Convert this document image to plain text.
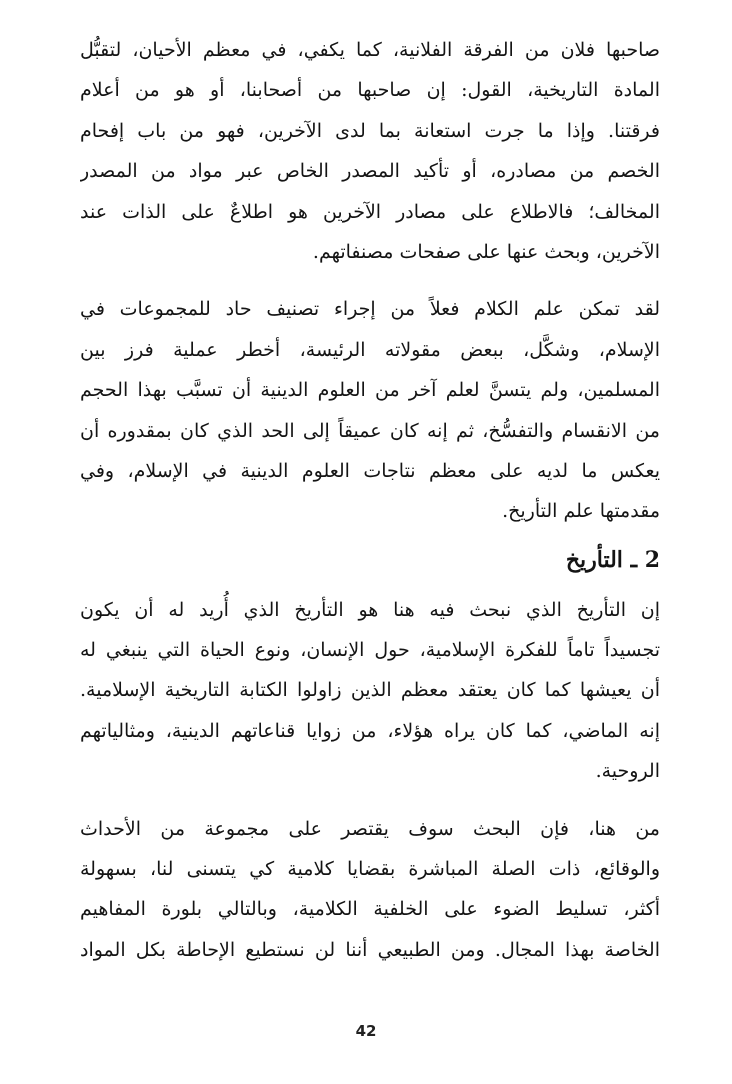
صاحبها فلان من الفرقة الفلانية، كما يكفي، في معظم الأحيان، لتقبُّل
المادة التاريخية، القول: إن صاحبها من أصحابنا، أو هو من أعلام
فرقتنا. وإذا ما جرت استعانة بما لدى الآخرين، فهو من باب إفحام
الخصم من مصادره، أو تأكيد المصدر الخاص عبر مواد من المصدر
المخالف؛ فالاطلاع على مصادر الآخرين هو اطلاعٌ على الذات عند
الآخرين، وبحث عنها على صفحات مصنفاتهم.
لقد تمكن علم الكلام فعلاً من إجراء تصنيف حاد للمجموعات في
الإسلام، وشكَّل، ببعض مقولاته الرئيسة، أخطر عملية فرز بين
المسلمين، ولم يتسنَّ لعلم آخر من العلوم الدينية أن تسبَّب بهذا الحجم
من الانقسام والتفسُّخ، ثم إنه كان عميقاً إلى الحد الذي كان بمقدوره أن
يعكس ما لديه على معظم نتاجات العلوم الدينية في الإسلام، وفي
مقدمتها علم التأريخ.
2 ـ التأريخ
إن التأريخ الذي نبحث فيه هنا هو التأريخ الذي أُريد له أن يكون
تجسيداً تاماً للفكرة الإسلامية، حول الإنسان، ونوع الحياة التي ينبغي له
أن يعيشها كما كان يعتقد معظم الذين زاولوا الكتابة التاريخية الإسلامية.
إنه الماضي، كما كان يراه هؤلاء، من زوايا قناعاتهم الدينية، ومثالياتهم
الروحية.
من هنا، فإن البحث سوف يقتصر على مجموعة من الأحداث
والوقائع، ذات الصلة المباشرة بقضايا كلامية كي يتسنى لنا، بسهولة
أكثر، تسليط الضوء على الخلفية الكلامية، وبالتالي بلورة المفاهيم
الخاصة بهذا المجال. ومن الطبيعي أننا لن نستطيع الإحاطة بكل المواد
42
